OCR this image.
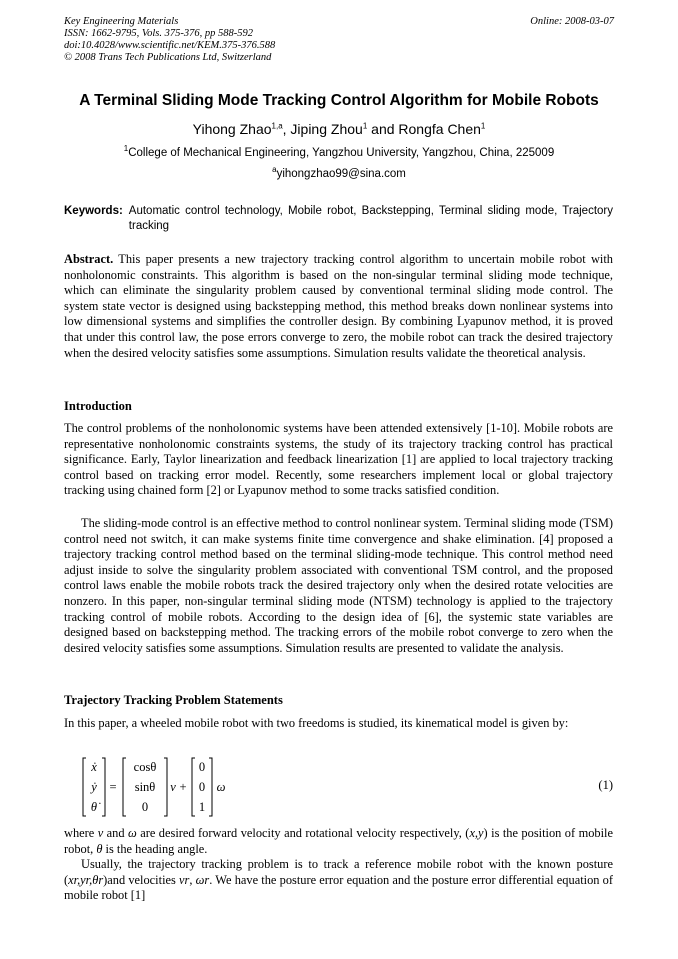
Key Engineering Materials
ISSN: 1662-9795, Vols. 375-376, pp 588-592
doi:10.4028/www.scientific.net/KEM.375-376.588
© 2008 Trans Tech Publications Ltd, Switzerland
Online: 2008-03-07
A Terminal Sliding Mode Tracking Control Algorithm for Mobile Robots
Yihong Zhao$^{1,a}$, Jiping Zhou$^1$ and Rongfa Chen$^1$
$^1$College of Mechanical Engineering, Yangzhou University, Yangzhou, China, 225009
$^a$yihongzhao99@sina.com
Keywords: Automatic control technology, Mobile robot, Backstepping, Terminal sliding mode, Trajectory tracking
Abstract. This paper presents a new trajectory tracking control algorithm to uncertain mobile robot with nonholonomic constraints. This algorithm is based on the non-singular terminal sliding mode technique, which can eliminate the singularity problem caused by conventional terminal sliding mode control. The system state vector is designed using backstepping method, this method breaks down nonlinear systems into low dimensional systems and simplifies the controller design. By combining Lyapunov method, it is proved that under this control law, the pose errors converge to zero, the mobile robot can track the desired trajectory when the desired velocity satisfies some assumptions. Simulation results validate the theoretical analysis.
Introduction
The control problems of the nonholonomic systems have been attended extensively [1-10]. Mobile robots are representative nonholonomic constraints systems, the study of its trajectory tracking control has practical significance. Early, Taylor linearization and feedback linearization [1] are applied to local trajectory tracking control based on tracking error model. Recently, some researchers implement local or global trajectory tracking using chained form [2] or Lyapunov method to some tracks satisfied condition.
The sliding-mode control is an effective method to control nonlinear system. Terminal sliding mode (TSM) control need not switch, it can make systems finite time convergence and shake elimination. [4] proposed a trajectory tracking control method based on the terminal sliding-mode technique. This control method need adjust inside to solve the singularity problem associated with conventional TSM control, and the proposed control laws enable the mobile robots track the desired trajectory only when the desired rotate velocities are nonzero. In this paper, non-singular terminal sliding mode (NTSM) technology is applied to the trajectory tracking control of mobile robots. According to the design idea of [6], the systemic state variables are designed based on backstepping method. The tracking errors of the mobile robot converge to zero when the desired velocity satisfies some assumptions. Simulation results are presented to validate the analysis.
Trajectory Tracking Problem Statements
In this paper, a wheeled mobile robot with two freedoms is studied, its kinematical model is given by:
ẋ
ẏ
θ̇
=
cosθ
sinθ
0
v +
0
0
1
ω	(1)
where v and ω are desired forward velocity and rotational velocity respectively, (x,y) is the position of mobile robot, θ is the heading angle.
Usually, the trajectory tracking problem is to track a reference mobile robot with the known posture (xr,yr,θr)and velocities vr, ωr. We have the posture error equation and the posture error differential equation of mobile robot [1]
